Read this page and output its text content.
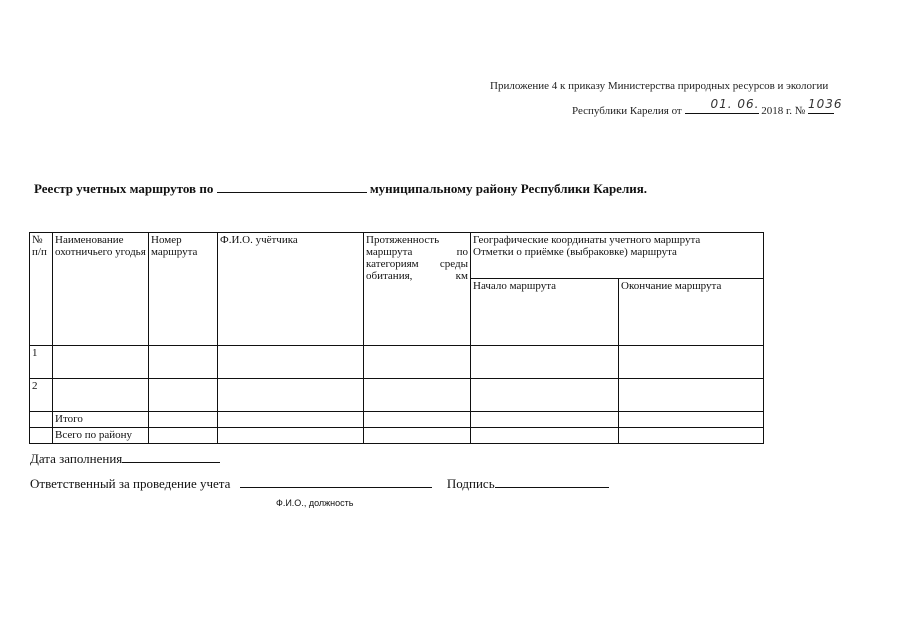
Приложение 4 к приказу Министерства природных ресурсов и экологии
Республики Карелия от 01. 06. 2018 г. № 1036
Реестр учетных маршрутов по	муниципальному району Республики Карелия.
№ п/п	Наименование охотничьего угодья	Номер маршрута	Ф.И.О. учётчика	Протяженность маршрута по категориям среды обитания, км	Географические координаты учетного маршрута
Отметки о приёмке (выбраковке) маршрута	

					Начало маршрута	Окончание маршрута
1						
2						
	Итого					
	Всего по району					
Дата заполнения
Ответственный за проведение учета	Подпись
Ф.И.О., должность
